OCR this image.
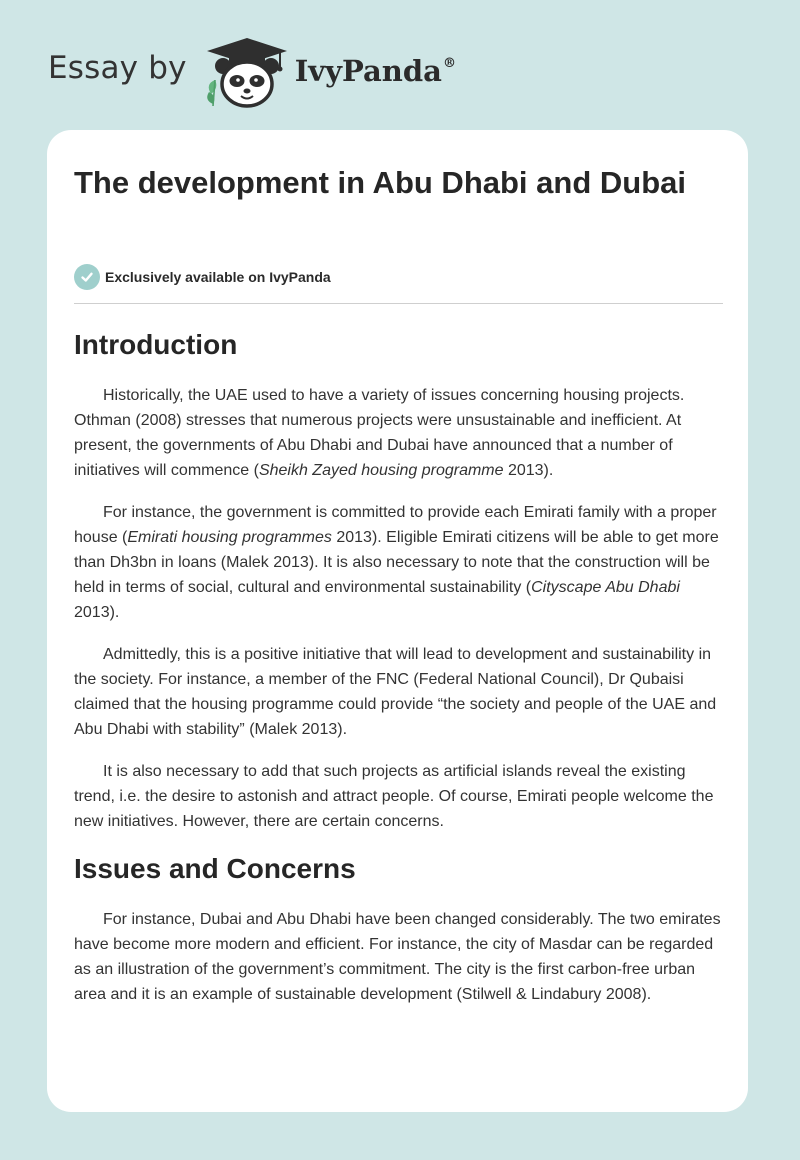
Essay by	IvyPanda®
The development in Abu Dhabi and Dubai
Exclusively available on IvyPanda
Introduction

Historically, the UAE used to have a variety of issues concerning housing projects. Othman (2008) stresses that numerous projects were unsustainable and inefficient. At present, the governments of Abu Dhabi and Dubai have announced that a number of initiatives will commence (Sheikh Zayed housing programme 2013).

For instance, the government is committed to provide each Emirati family with a proper house (Emirati housing programmes 2013). Eligible Emirati citizens will be able to get more than Dh3bn in loans (Malek 2013). It is also necessary to note that the construction will be held in terms of social, cultural and environmental sustainability (Cityscape Abu Dhabi 2013).

Admittedly, this is a positive initiative that will lead to development and sustainability in the society. For instance, a member of the FNC (Federal National Council), Dr Qubaisi claimed that the housing programme could provide “the society and people of the UAE and Abu Dhabi with stability” (Malek 2013).

It is also necessary to add that such projects as artificial islands reveal the existing trend, i.e. the desire to astonish and attract people. Of course, Emirati people welcome the new initiatives. However, there are certain concerns.

Issues and Concerns

For instance, Dubai and Abu Dhabi have been changed considerably. The two emirates have become more modern and efficient. For instance, the city of Masdar can be regarded as an illustration of the government’s commitment. The city is the first carbon-free urban area and it is an example of sustainable development (Stilwell & Lindabury 2008).
